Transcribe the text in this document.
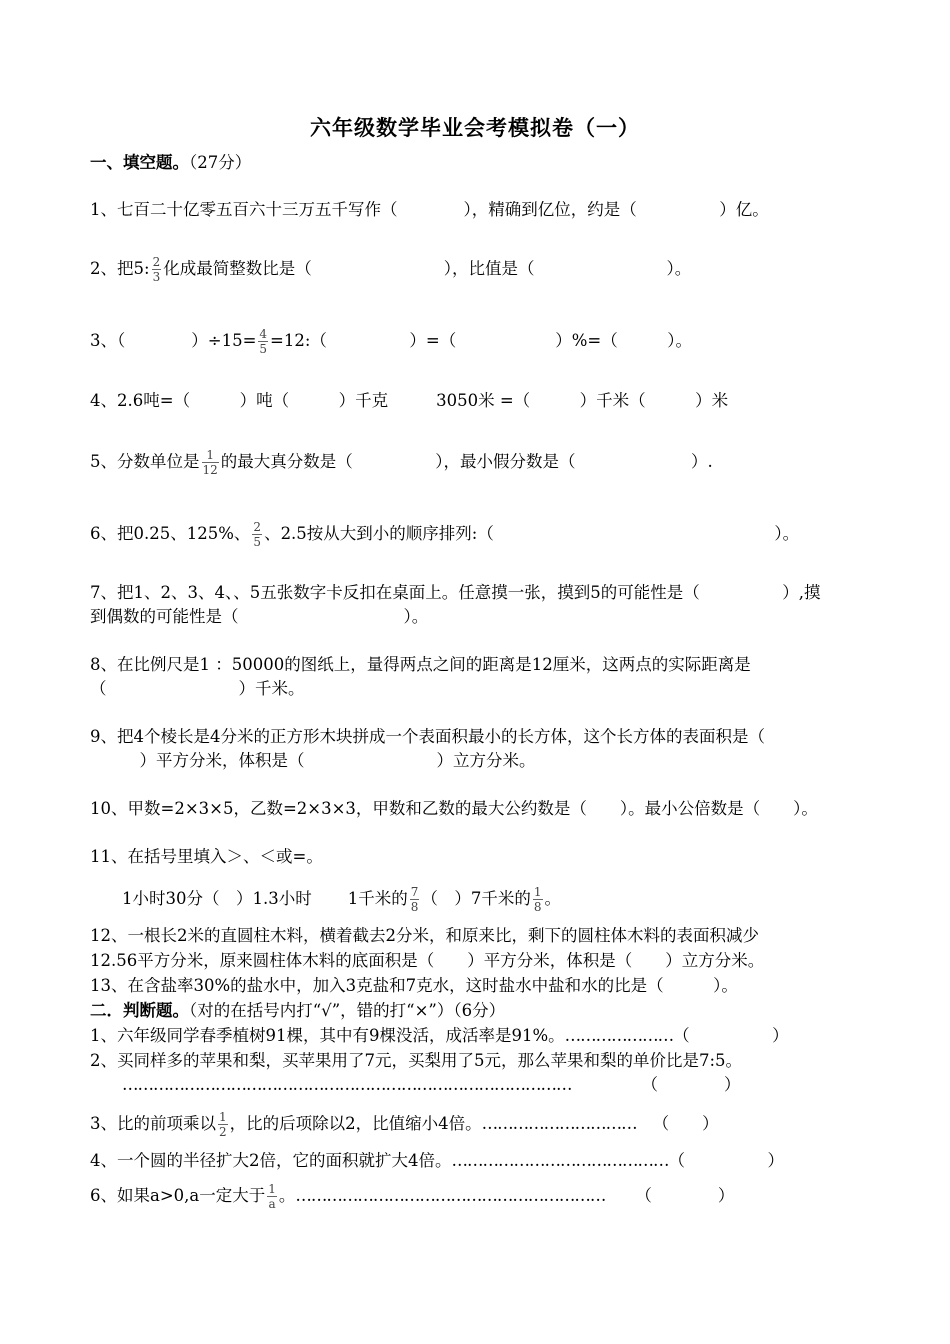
六年级数学毕业会考模拟卷（一）
一、填空题。（27分）
1、七百二十亿零五百六十三万五千写作（　　　　），精确到亿位，约是（　　　　　）亿。
2、把5: $\frac{2}{3}$ 化成最简整数比是（　　　　　　　　），比值是（　　　　　　　　）。
3、（　　　　）$\div 15= \frac{4}{5}$ =12:（　　　　　）=（　　　　　　）%=（　　　）。
4、2.6吨=（　　　）吨（　　　）千克	3050米 =（　　　）千米（　　　）米
5、分数单位是 $\frac{1}{12}$ 的最大真分数是（　　　　　），最小假分数是（　　　　　　　）.
6、把0.25、125%、 $\frac{2}{5}$ 、2.5按从大到小的顺序排列:（　　　　　　　　　　　　　　　　　）。
7、把1、2、3、4、、5五张数字卡反扣在桌面上。任意摸一张，摸到5的可能性是（　　　　　）,摸
到偶数的可能性是（　　　　　　　　　　）。
8、在比例尺是1 ：50000的图纸上，量得两点之间的距离是12厘米，这两点的实际距离是
（　　　　　　　　）千米。
9、把4个棱长是4分米的正方形木块拼成一个表面积最小的长方体，这个长方体的表面积是（
　　　）平方分米，体积是（　　　　　　　　）立方分米。
10、甲数=2×3×5，乙数=2×3×3，甲数和乙数的最大公约数是（　　）。最小公倍数是（　　）。
11、在括号里填入＞、＜或=。
1小时30分（　）1.3小时 1千米的 $\frac{7}{8}$ （　）7千米的 $\frac{1}{8}$ 。
12、一根长2米的直圆柱木料，横着截去2分米，和原来比，剩下的圆柱体木料的表面积减少
12.56平方分米，原来圆柱体木料的底面积是（　　）平方分米，体积是（　　）立方分米。
13、在含盐率30%的盐水中，加入3克盐和7克水，这时盐水中盐和水的比是（　　　）。
二．判断题。（对的在括号内打“√”，错的打“×”）（6分）
1、六年级同学春季植树91棵，其中有9棵没活，成活率是91%。…………………（　　　　　）
2、买同样多的苹果和梨，买苹果用了7元，买梨用了5元，那么苹果和梨的单价比是7:5。
……………………………………………………………………………	（　　　　）
3、比的前项乘以 $\frac{1}{2}$ ，比的后项除以2，比值缩小4倍。………………………… （　　）
4、一个圆的半径扩大2倍，它的面积就扩大4倍。……………………………………（　　　　　）
6、如果a>0,a一定大于 $\frac{1}{a}$ 。…………………………………………………… （　　　　）
